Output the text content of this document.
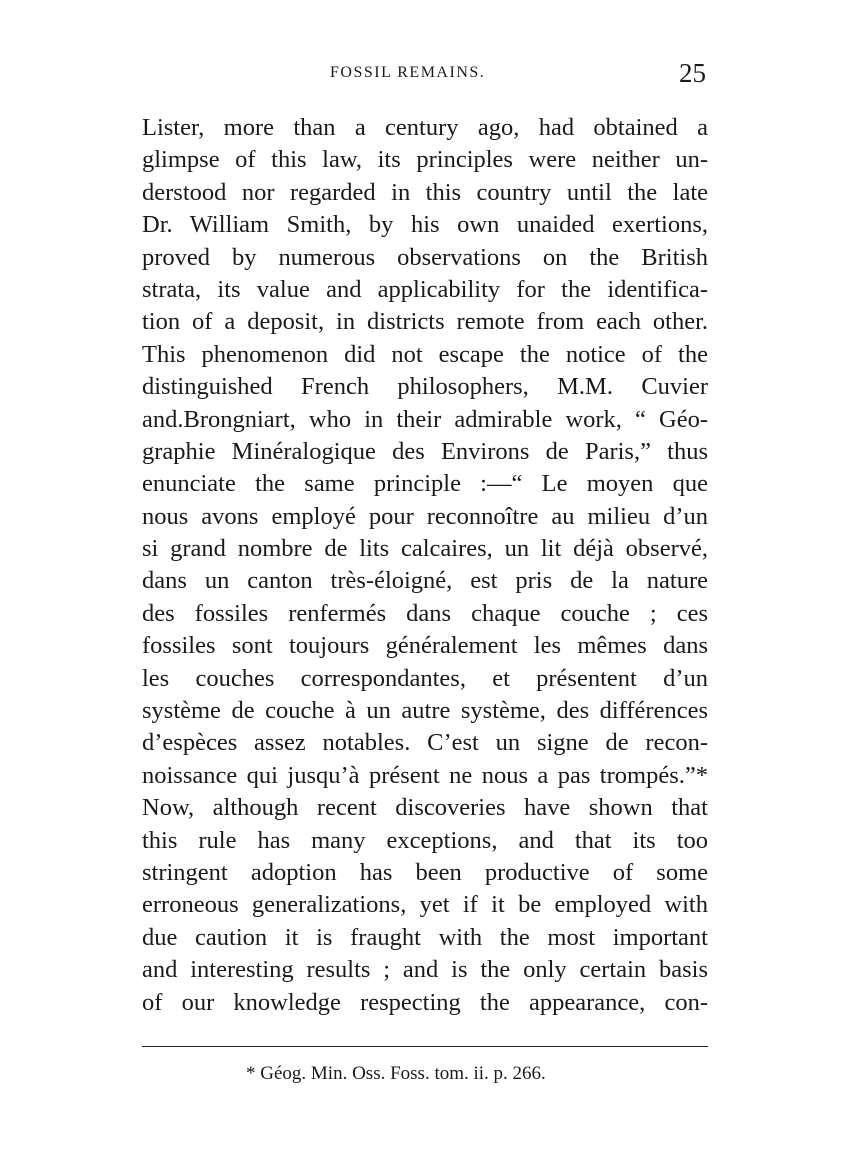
FOSSIL REMAINS.	25
Lister, more than a century ago, had obtained a
glimpse of this law, its principles were neither un-
derstood nor regarded in this country until the late
Dr. William Smith, by his own unaided exertions,
proved by numerous observations on the British
strata, its value and applicability for the identifica-
tion of a deposit, in districts remote from each other.
This phenomenon did not escape the notice of the
distinguished French philosophers, M.M. Cuvier
and.Brongniart, who in their admirable work, “ Géo-
graphie Minéralogique des Environs de Paris,” thus
enunciate the same principle :—“ Le moyen que
nous avons employé pour reconnoître au milieu d’un
si grand nombre de lits calcaires, un lit déjà observé,
dans un canton très-éloigné, est pris de la nature
des fossiles renfermés dans chaque couche ; ces
fossiles sont toujours généralement les mêmes dans
les couches correspondantes, et présentent d’un
système de couche à un autre système, des différences
d’espèces assez notables. C’est un signe de recon-
noissance qui jusqu’à présent ne nous a pas trompés.”*
Now, although recent discoveries have shown that
this rule has many exceptions, and that its too
stringent adoption has been productive of some
erroneous generalizations, yet if it be employed with
due caution it is fraught with the most important
and interesting results ; and is the only certain basis
of our knowledge respecting the appearance, con-
* Géog. Min. Oss. Foss. tom. ii. p. 266.
